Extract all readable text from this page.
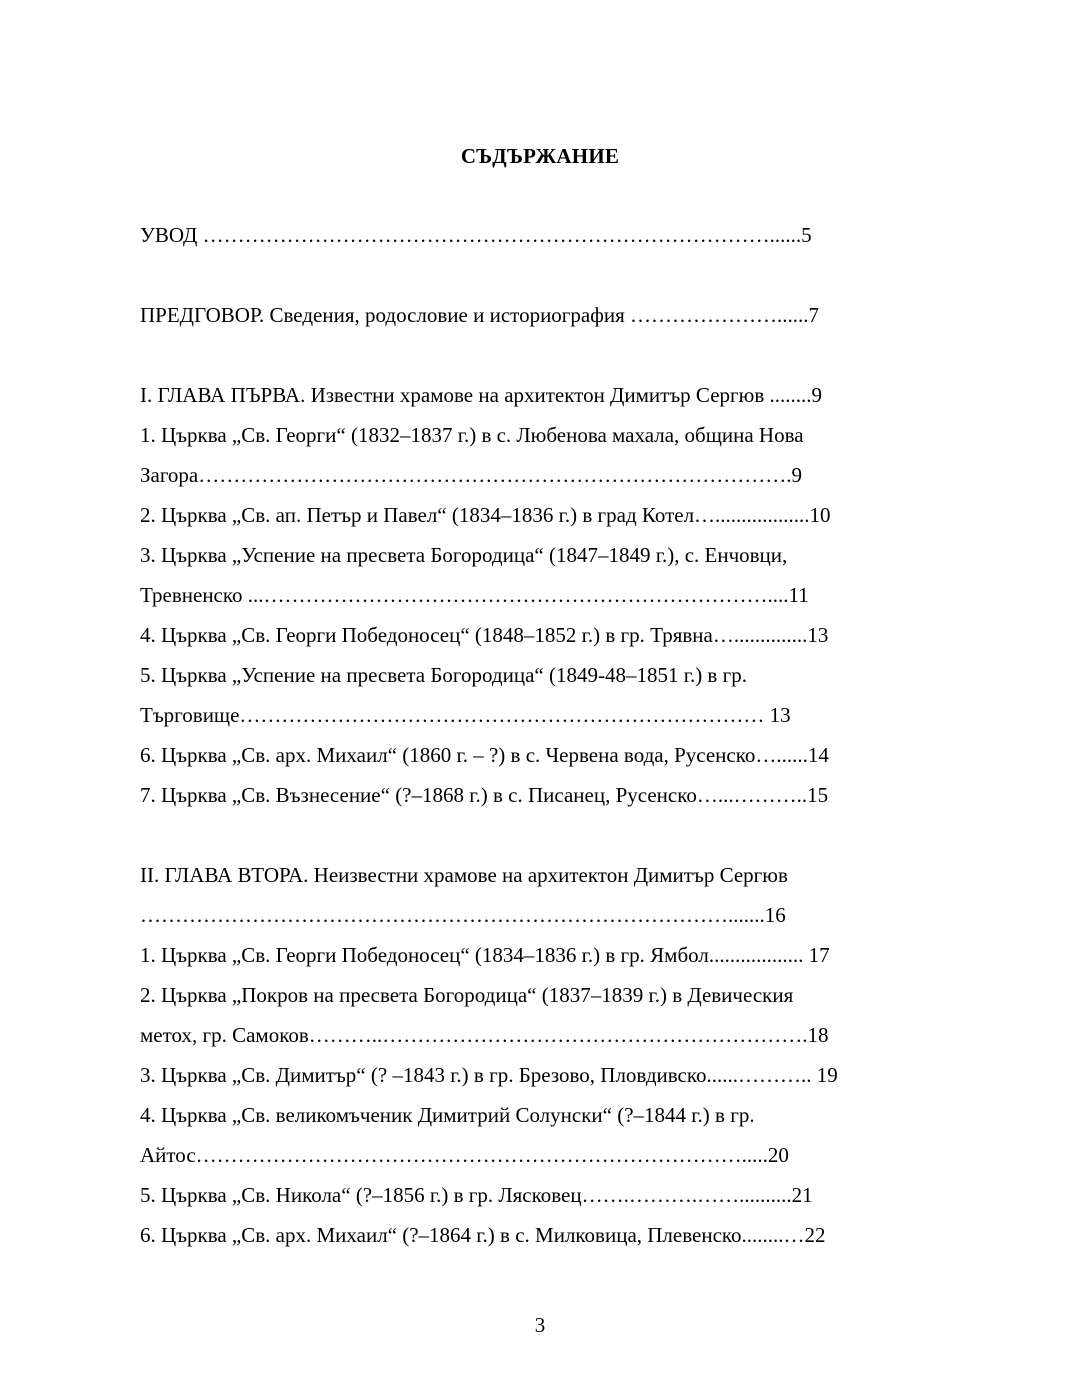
СЪДЪРЖАНИЕ
УВОД ………………………………………………………………………......5
ПРЕДГОВОР. Сведения, родословие и историография …………………......7
I. ГЛАВА ПЪРВА. Известни храмове на архитектон Димитър Сергюв ........9
1. Църква „Св. Георги“ (1832–1837 г.) в с. Любенова махала, община Нова
Загора………………………………………………………………………….9
2. Църква „Св. ап. Петър и Павел“ (1834–1836 г.) в град Котел…..................10
3. Църква „Успение на пресвета Богородица“ (1847–1849 г.), с. Енчовци,
Тревненско ...………………………………………………………………....11
4. Църква „Св. Георги Победоносец“ (1848–1852 г.) в гр. Трявна…..............13
5. Църква „Успение на пресвета Богородица“ (1849-48–1851 г.) в гр.
Търговище………………………………………………………………… 13
6. Църква „Св. арх. Михаил“ (1860 г. – ?) в с. Червена вода, Русенско…......14
7. Църква „Св. Възнесение“ (?–1868 г.) в с. Писанец, Русенско…...………..15
II. ГЛАВА ВТОРА. Неизвестни храмове на архитектон Димитър Сергюв
………………………………………………………………………….......16
1. Църква „Св. Георги Победоносец“ (1834–1836 г.) в гр. Ямбол.................. 17
2. Църква „Покров на пресвета Богородица“ (1837–1839 г.) в Девическия
метох, гр. Самоков………..…………………………………………………….18
3. Църква „Св. Димитър“ (? –1843 г.) в гр. Брезово, Пловдивско......……….. 19
4. Църква „Св. великомъченик Димитрий Солунски“ (?–1844 г.) в гр.
Айтос…………………………………………………………………….....20
5. Църква „Св. Никола“ (?–1856 г.) в гр. Лясковец…….……….……..........21
6. Църква „Св. арх. Михаил“ (?–1864 г.) в с. Милковица, Плевенско........…22
3
